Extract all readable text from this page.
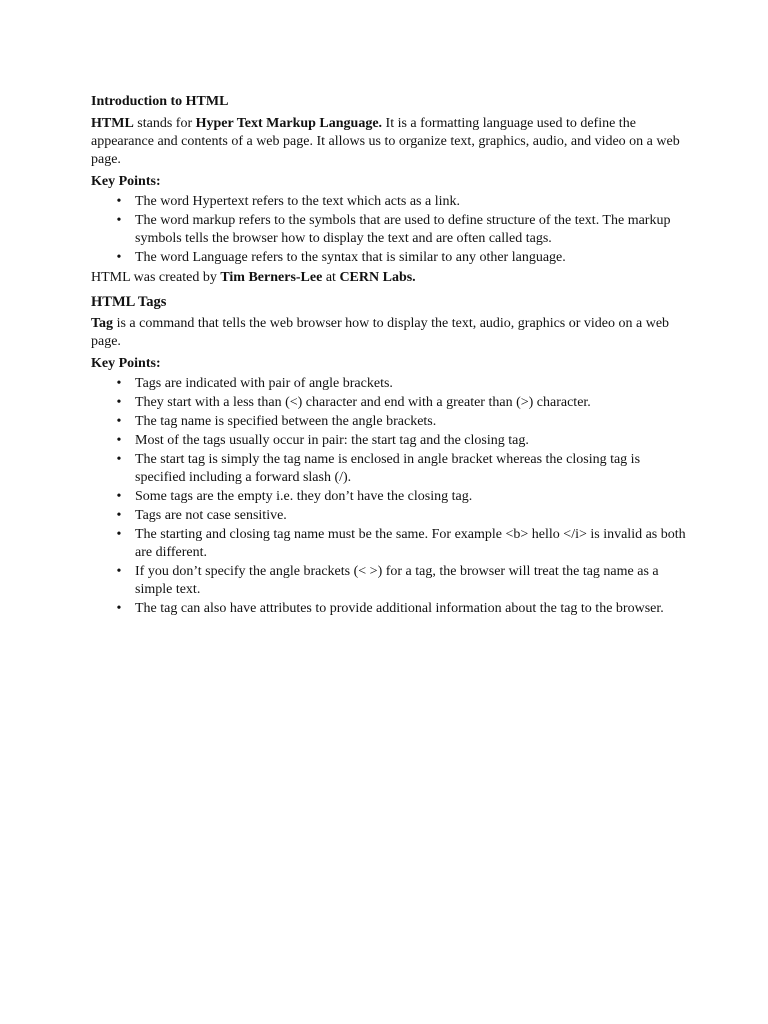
Introduction to HTML

HTML stands for Hyper Text Markup Language. It is a formatting language used to define the appearance and contents of a web page. It allows us to organize text, graphics, audio, and video on a web page.

Key Points:
• The word Hypertext refers to the text which acts as a link.
• The word markup refers to the symbols that are used to define structure of the text. The markup symbols tells the browser how to display the text and are often called tags.
• The word Language refers to the syntax that is similar to any other language.

HTML was created by Tim Berners-Lee at CERN Labs.

HTML Tags

Tag is a command that tells the web browser how to display the text, audio, graphics or video on a web page.

Key Points:
• Tags are indicated with pair of angle brackets.
• They start with a less than (<) character and end with a greater than (>) character.
• The tag name is specified between the angle brackets.
• Most of the tags usually occur in pair: the start tag and the closing tag.
• The start tag is simply the tag name is enclosed in angle bracket whereas the closing tag is specified including a forward slash (/).
• Some tags are the empty i.e. they don’t have the closing tag.
• Tags are not case sensitive.
• The starting and closing tag name must be the same. For example <b> hello </i> is invalid as both are different.
• If you don’t specify the angle brackets (< >) for a tag, the browser will treat the tag name as a simple text.
• The tag can also have attributes to provide additional information about the tag to the browser.
